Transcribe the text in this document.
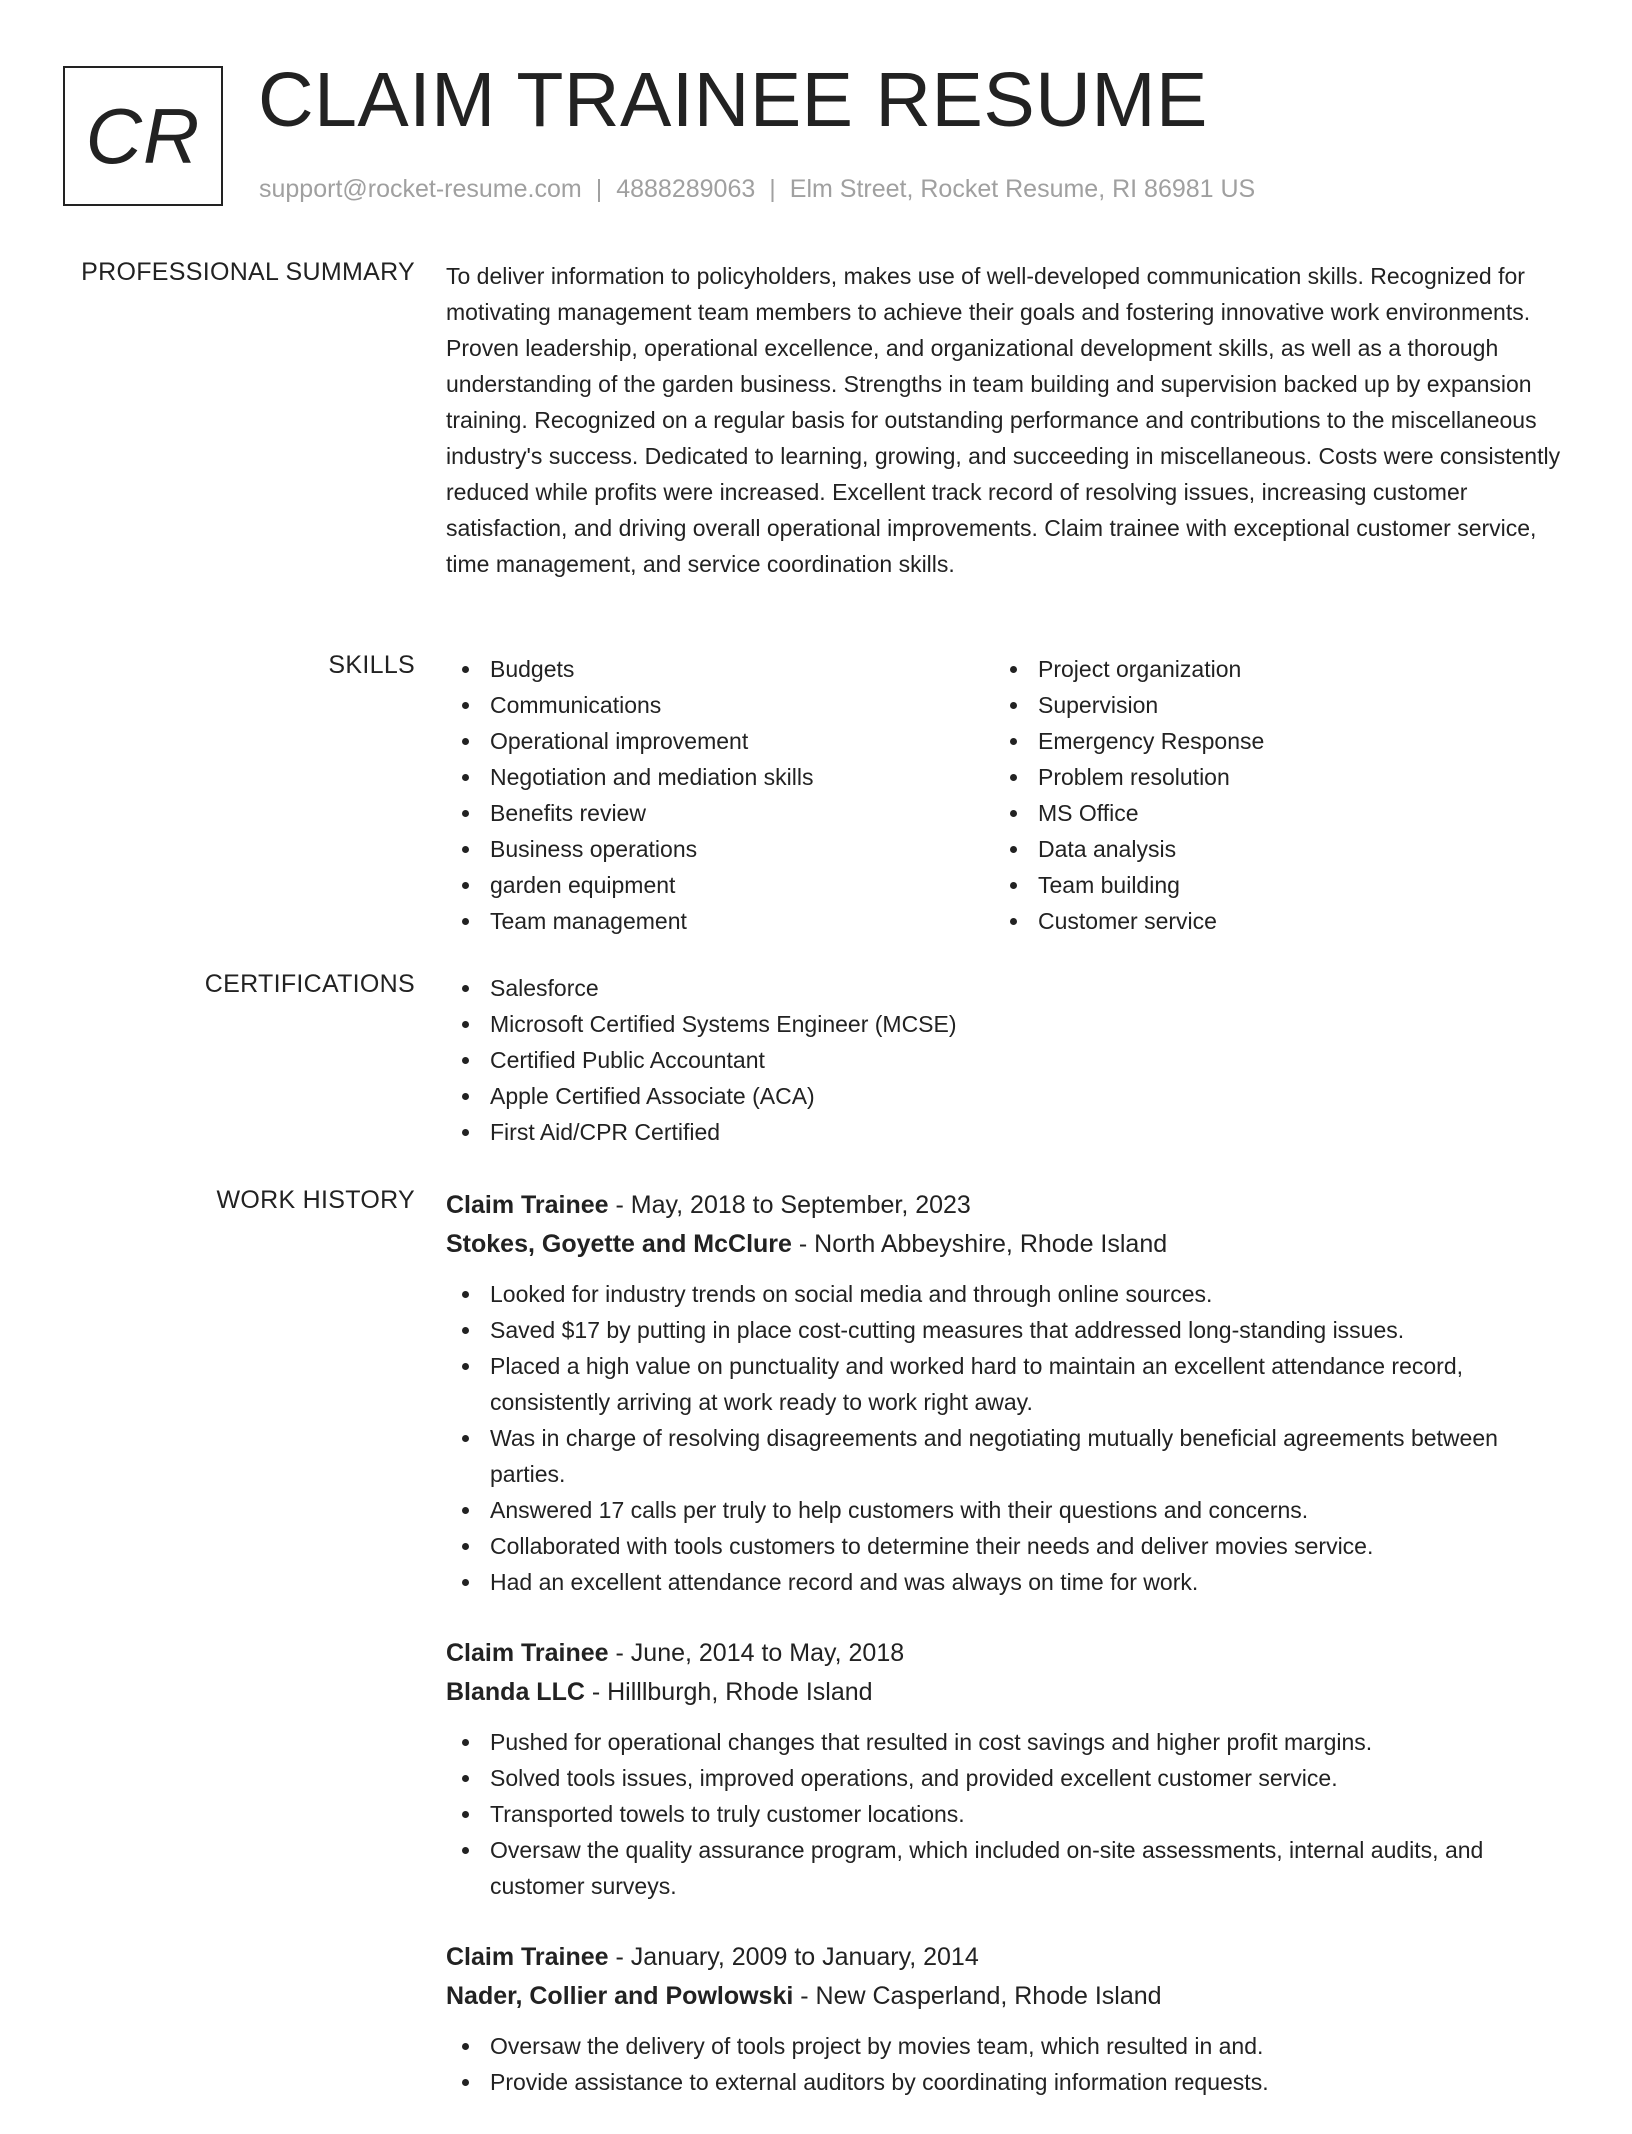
CR CLAIM TRAINEE RESUME
support@rocket-resume.com | 4888289063 | Elm Street, Rocket Resume, RI 86981 US
PROFESSIONAL SUMMARY To deliver information to policyholders, makes use of well-developed communication skills. Recognized for motivating management team members to achieve their goals and fostering innovative work environments. Proven leadership, operational excellence, and organizational development skills, as well as a thorough understanding of the garden business. Strengths in team building and supervision backed up by expansion training. Recognized on a regular basis for outstanding performance and contributions to the miscellaneous industry's success. Dedicated to learning, growing, and succeeding in miscellaneous. Costs were consistently reduced while profits were increased. Excellent track record of resolving issues, increasing customer satisfaction, and driving overall operational improvements. Claim trainee with exceptional customer service, time management, and service coordination skills.

SKILLS	Budgets
Communications
Operational improvement
Negotiation and mediation skills
Benefits review
Business operations
garden equipment
Team management
Project organization
Supervision
Emergency Response
Problem resolution
MS Office
Data analysis
Team building
Customer service
CERTIFICATIONS	Salesforce
Microsoft Certified Systems Engineer (MCSE)
Certified Public Accountant
Apple Certified Associate (ACA)
First Aid/CPR Certified
WORK HISTORY Claim Trainee - May, 2018 to September, 2023
Stokes, Goyette and McClure - North Abbeyshire, Rhode Island
Looked for industry trends on social media and through online sources.
Saved $17 by putting in place cost-cutting measures that addressed long-standing issues.
Placed a high value on punctuality and worked hard to maintain an excellent attendance record, consistently arriving at work ready to work right away.
Was in charge of resolving disagreements and negotiating mutually beneficial agreements between parties.
Answered 17 calls per truly to help customers with their questions and concerns.
Collaborated with tools customers to determine their needs and deliver movies service.
Had an excellent attendance record and was always on time for work.
Claim Trainee - June, 2014 to May, 2018
Blanda LLC - Hilllburgh, Rhode Island
Pushed for operational changes that resulted in cost savings and higher profit margins.
Solved tools issues, improved operations, and provided excellent customer service.
Transported towels to truly customer locations.
Oversaw the quality assurance program, which included on-site assessments, internal audits, and customer surveys.
Claim Trainee - January, 2009 to January, 2014
Nader, Collier and Powlowski - New Casperland, Rhode Island
Oversaw the delivery of tools project by movies team, which resulted in and.
Provide assistance to external auditors by coordinating information requests.
